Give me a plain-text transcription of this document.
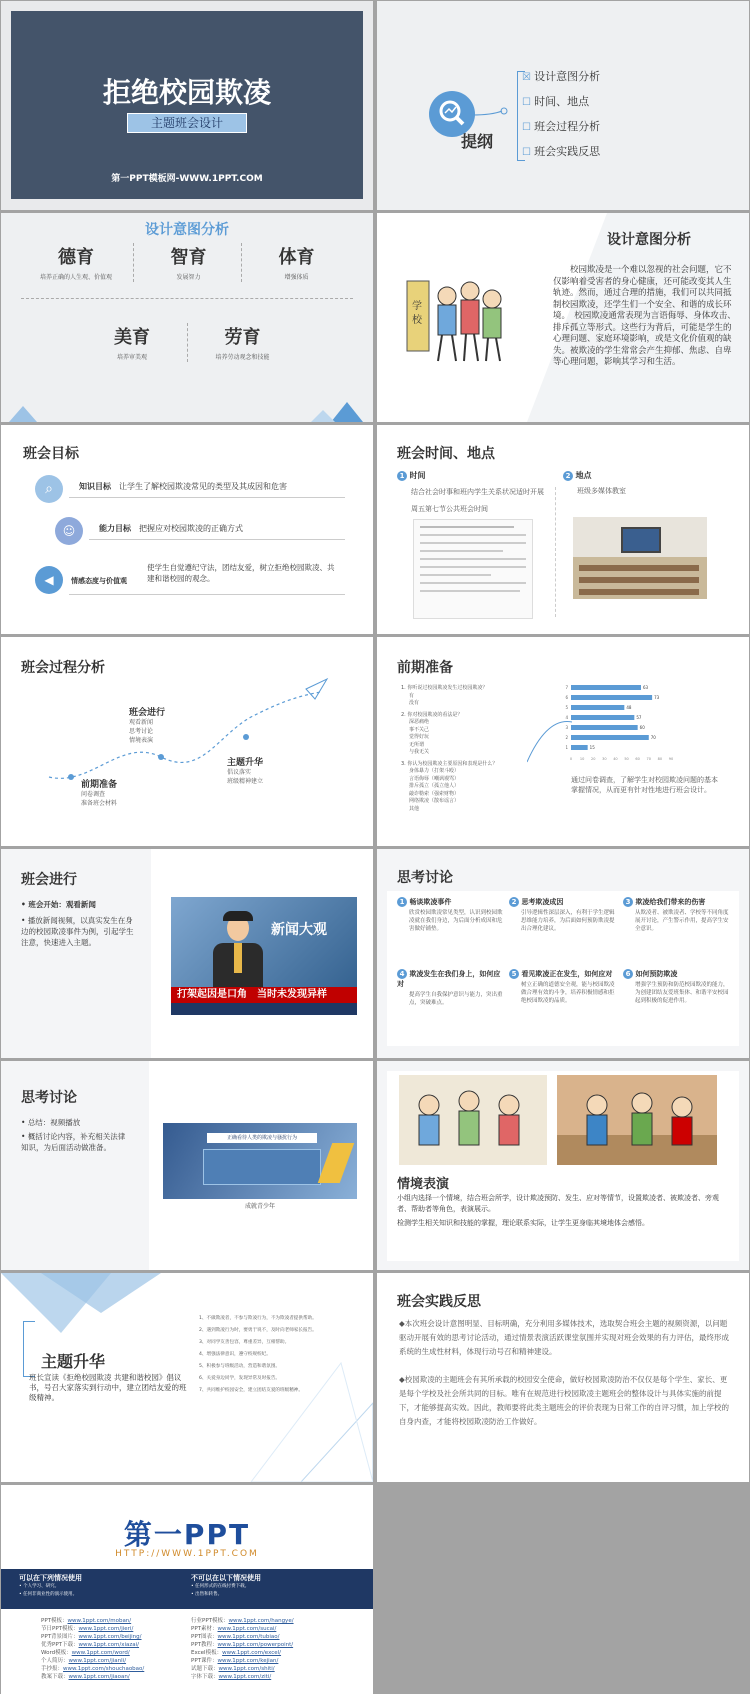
拒绝校园欺凌
主题班会设计
第一PPT模板网-WWW.1PPT.COM
提纲
☒ 设计意图分析
☐ 时间、地点
☐ 班会过程分析
☐ 班会实践反思
设计意图分析
德育
培养正确的人生观、价值观
智育
发展智力
体育
增强体质
美育
培养审美观
劳育
培养劳动观念和技能
设计意图分析
学
校
校园欺凌是一个难以忽视的社会问题，它不仅影响着受害者的身心健康，还可能改变其人生轨迹。然而，通过合理的措施，我们可以共同抵制校园欺凌，还学生们一个安全、和谐的成长环境。　校园欺凌通常表现为言语侮辱、身体攻击、排斥孤立等形式。这些行为背后，可能是学生的心理问题、家庭环境影响，或是文化价值观的缺失。被欺凌的学生常常会产生抑郁、焦虑、自卑等心理问题，影响其学习和生活。
班会目标
⌕	知识目标　 让学生了解校园欺凌常见的类型及其成因和危害
☺	能力目标　 把握应对校园欺凌的正确方式
◀	情感态度与价值观
使学生自觉遵纪守法，团结友爱，树立拒绝校园欺凌、共建和谐校园的观念。
班会时间、地点
1 时间
结合社会时事和班内学生关系状况适时开展
周五第七节公共班会时间
2 地点
班级多媒体教室
班会过程分析
前期准备
问卷调查
准备班会材料
班会进行
观看新闻
思考讨论
情境表演
主题升华
倡议落实
班级精神建立
前期准备
1. 你听说过校园欺凌发生过校园欺凌？
有
没有
2. 你对校园欺凌的看法是？
深恶痛绝
事不关己
觉得好玩
无所谓
与我无关
3. 你认为校园欺凌主要原因和表现是什么？
身体暴力（打架斗殴）
言语侮辱（嘲讽谩骂）
排斥孤立（孤立他人）
敲诈勒索（强索财物）
网络欺凌（散布谣言）
其他
1	15
2	70
3	60
4	57
5	48
6	73
7	63
0 10 20 30 40 50 60 70 80 90
通过问卷调查，了解学生对校园欺凌问题的基本掌握情况，从而更有针对性地进行班会设计。
班会进行
• 班会开始：观看新闻
• 播放新闻视频，以真实发生在身边的校园欺凌事件为例，引起学生注意，快速进入主题。
新闻大观
打架起因是口角　 当时未发现异样
思考讨论
1 畅谈欺凌事件
欣赏校园欺凌常见类型，认识到校园欺凌就在我们身边，为后面分析成因和危害做好铺垫。
2 思考欺凌成因
引导逻辑性深层深入，有利于学生逻辑思维能力培养，为后面如何预防欺凌提出合理化建议。
3 欺凌给我们带来的伤害
从欺凌者、被欺凌者、学校等不同角度展开讨论，产生警示作用，提高学生安全意识。
4 欺凌发生在我们身上，如何应对
提高学生自我保护意识与能力，突出重点，突破难点。
5 看见欺凌正在发生，如何应对
树立正确的道德安全观，能与校园欺凌做合理有效的斗争，培养积极情感和拒绝校园欺凌的品质。
6 如何预防欺凌
增强学生预防和防范校园欺凌的能力，为创建团结友爱班集体、和谐平安校园起到积极的促进作用。
思考讨论
• 总结：视频播放
• 概括讨论内容，补充相关法律知识，为后面活动做准备。
正确看待人类的欺凌与骚扰行为
成就青少年
情境表演
小组内选择一个情境，结合班会所学，设计欺凌预防、发生、应对等情节，设置欺凌者、被欺凌者、旁观者、帮助者等角色，表演展示。
检测学生相关知识和技能的掌握，理论联系实际，让学生更身临其境地体会感悟。
主题升华
班长宣读《拒绝校园欺凌 共建和谐校园》倡议书，号召大家落实到行动中，建立团结友爱的班级精神。
1、不做欺凌者，不参与欺凌行为，不为欺凌者提供帮助。
2、遇到欺凌行为时，要勇于说不，及时向老师家长报告。
3、对同学友善包容，尊重差异，互相帮助。
4、增强法律意识，遵守校规校纪。
5、积极参与班级活动，营造和谐氛围。
6、关爱身边同学，发现异常及时报告。
7、共同维护校园安全，建立团结友爱的班级精神。
班会实践反思
◆本次班会设计意图明显、目标明确，充分利用多媒体技术，选取契合班会主题的视频资源，以问题驱动开展有效的思考讨论活动，通过情景表演活跃课堂氛围并实现对班会效果的有力评估，最终形成系统的生成性材料，体现行动号召和精神建设。
◆校园欺凌的主题班会有其所承载的校园安全使命，做好校园欺凌防治不仅仅是每个学生、家长、更是每个学校及社会所共同的目标。唯有在规范进行校园欺凌主题班会的整体设计与具体实施的前提下，才能够提高实效。因此，教师要将此类主题班会的评价表现为日常工作的自评习惯，加上学校的自身内查，才能将校园欺凌防治工作做好。
第一PPT
HTTP://WWW.1PPT.COM
可以在下列情况使用
• 个人学习、研究。
• 任何非商业性的演示使用。
不可以在以下情况使用
• 任何形式的在线付费下载。
• 出售和转售。
PPT模板：www.1ppt.com/moban/
节日PPT模板：www.1ppt.com/jieri/
PPT背景图片：www.1ppt.com/beijing/
优秀PPT下载：www.1ppt.com/xiazai/
Word模板：www.1ppt.com/word/
个人简历：www.1ppt.com/jianli/
手抄报：www.1ppt.com/shouchaobao/
教案下载：www.1ppt.com/jiaoan/
行业PPT模板：www.1ppt.com/hangye/
PPT素材：www.1ppt.com/sucai/
PPT图表：www.1ppt.com/tubiao/
PPT教程：www.1ppt.com/powerpoint/
Excel模板：www.1ppt.com/excel/
PPT课件：www.1ppt.com/kejian/
试题下载：www.1ppt.com/shiti/
字体下载：www.1ppt.com/ziti/
